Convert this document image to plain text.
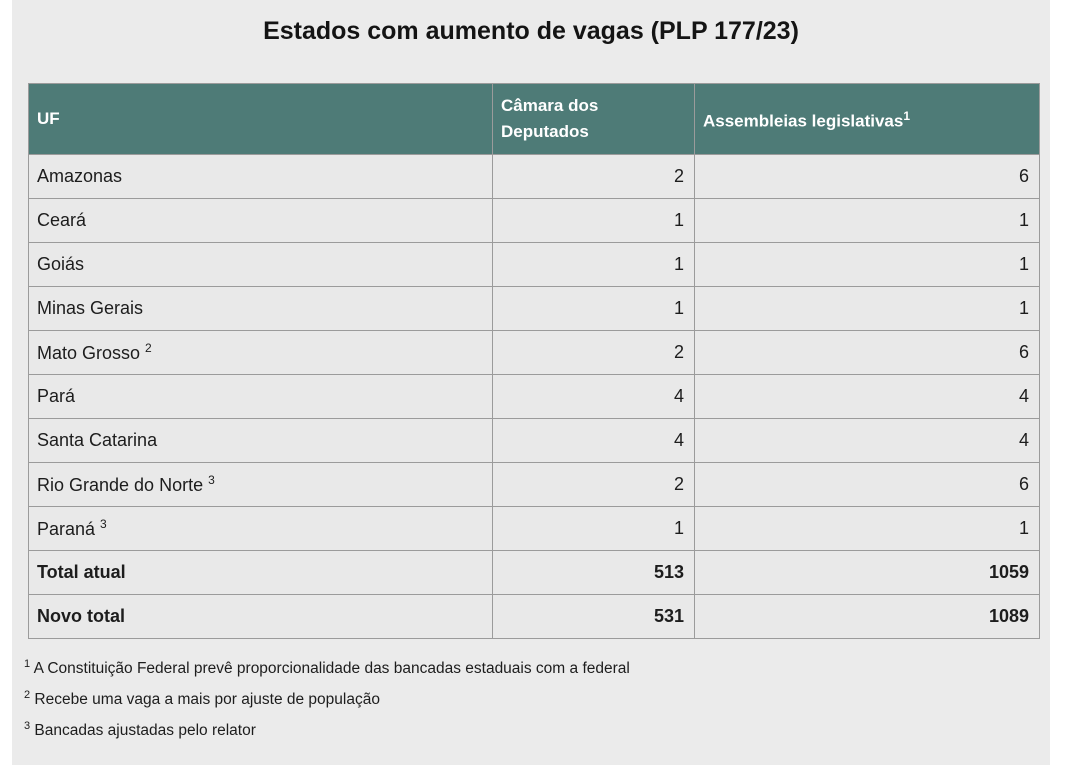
Estados com aumento de vagas (PLP 177/23)
UF	Câmara dos Deputados	Assembleias legislativas$^1$
Amazonas	2	6
Ceará	1	1
Goiás	1	1
Minas Gerais	1	1
Mato Grosso $^2$	2	6
Pará	4	4
Santa Catarina	4	4
Rio Grande do Norte $^3$	2	6
Paraná $^3$	1	1
Total atual	513	1059
Novo total	531	1089
$^1$ A Constituição Federal prevê proporcionalidade das bancadas estaduais com a federal
$^2$ Recebe uma vaga a mais por ajuste de população
$^3$ Bancadas ajustadas pelo relator
